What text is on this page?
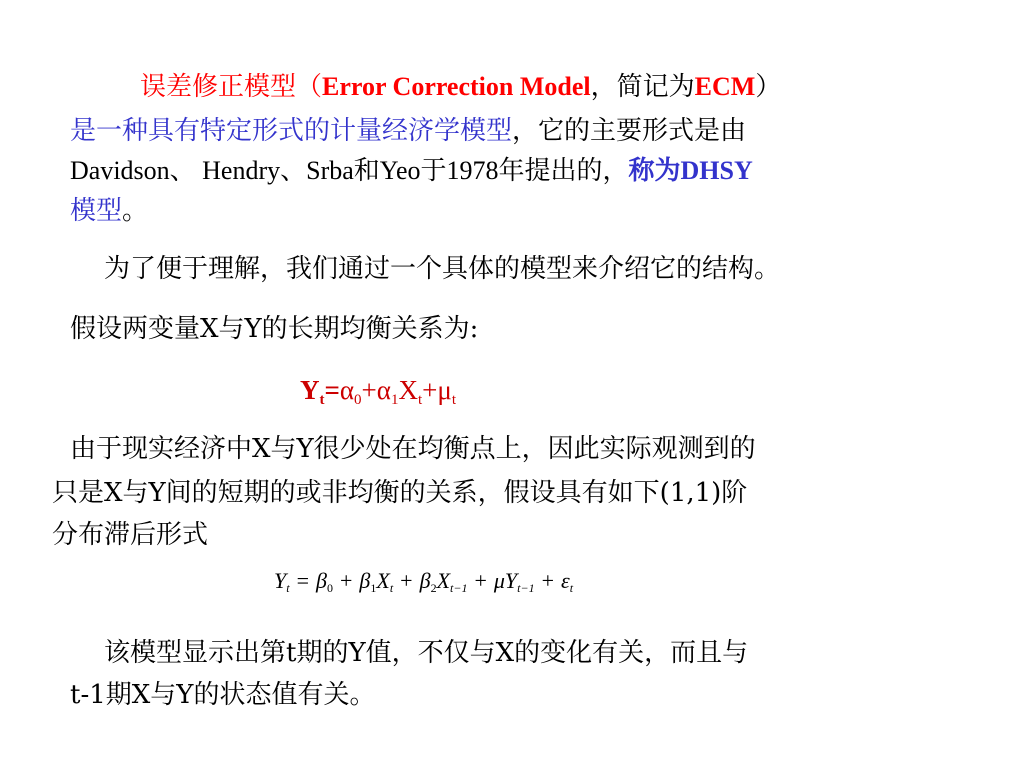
误差修正模型（Error Correction Model，简记为ECM）
是一种具有特定形式的计量经济学模型，它的主要形式是由
Davidson、 Hendry、Srba和Yeo于1978年提出的，称为DHSY
模型。
为了便于理解，我们通过一个具体的模型来介绍它的结构。
假设两变量X与Y的长期均衡关系为:
$Y_t=\alpha_0+\alpha_1X_t+\mu_t$
由于现实经济中X与Y很少处在均衡点上，因此实际观测到的
只是X与Y间的短期的或非均衡的关系，假设具有如下(1,1)阶
分布滞后形式
$Y_t = \beta_0 + \beta_1X_t + \beta_2X_{t-1} + \mu Y_{t-1} + \varepsilon_t$
该模型显示出第t期的Y值，不仅与X的变化有关，而且与
t-1期X与Y的状态值有关。
